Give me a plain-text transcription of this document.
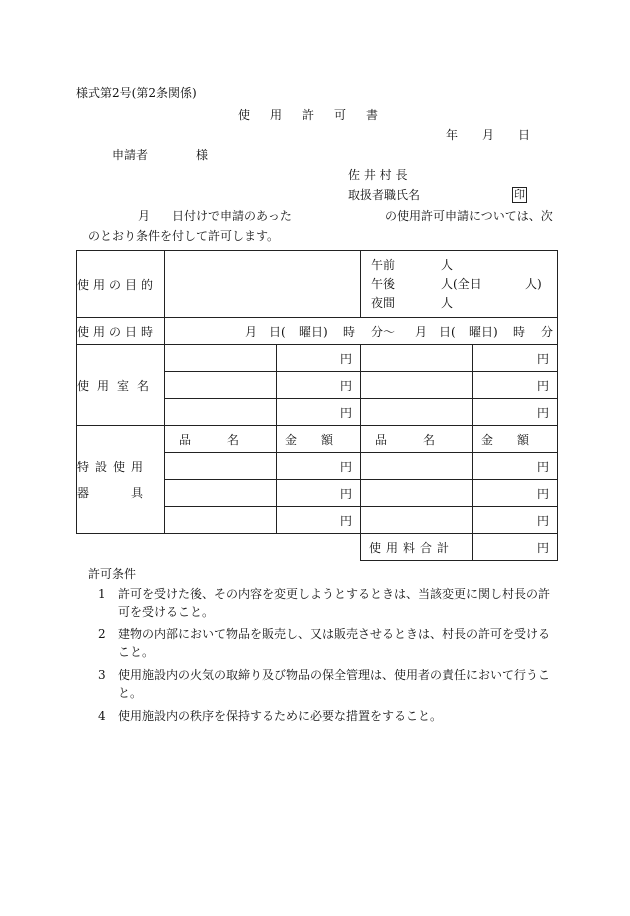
様式第2号(第2条関係)
使　用　許　可　書
年　　月　　日
申請者	様
佐 井 村 長
取扱者職氏名	印
月 日付けで申請のあった	の使用許可申請については、次
のとおり条件を付して許可します。
使用の目的			午前 人
午後 人(全日 人)
夜間 人	

使用の日時	月 日( 曜日) 時 分〜 月 日( 曜日) 時 分			
使用室名		円		円
		円		円
		円		円

特設使用
器　　具	品　　　名	金　　額	品　　　名	金　　額
		円		円
		円		円
		円		円
			使用料合計	円
許可条件
1 許可を受けた後、その内容を変更しようとするときは、当該変更に関し村長の許可を受けること。
2 建物の内部において物品を販売し、又は販売させるときは、村長の許可を受けること。
3 使用施設内の火気の取締り及び物品の保全管理は、使用者の責任において行うこと。
4 使用施設内の秩序を保持するために必要な措置をすること。
